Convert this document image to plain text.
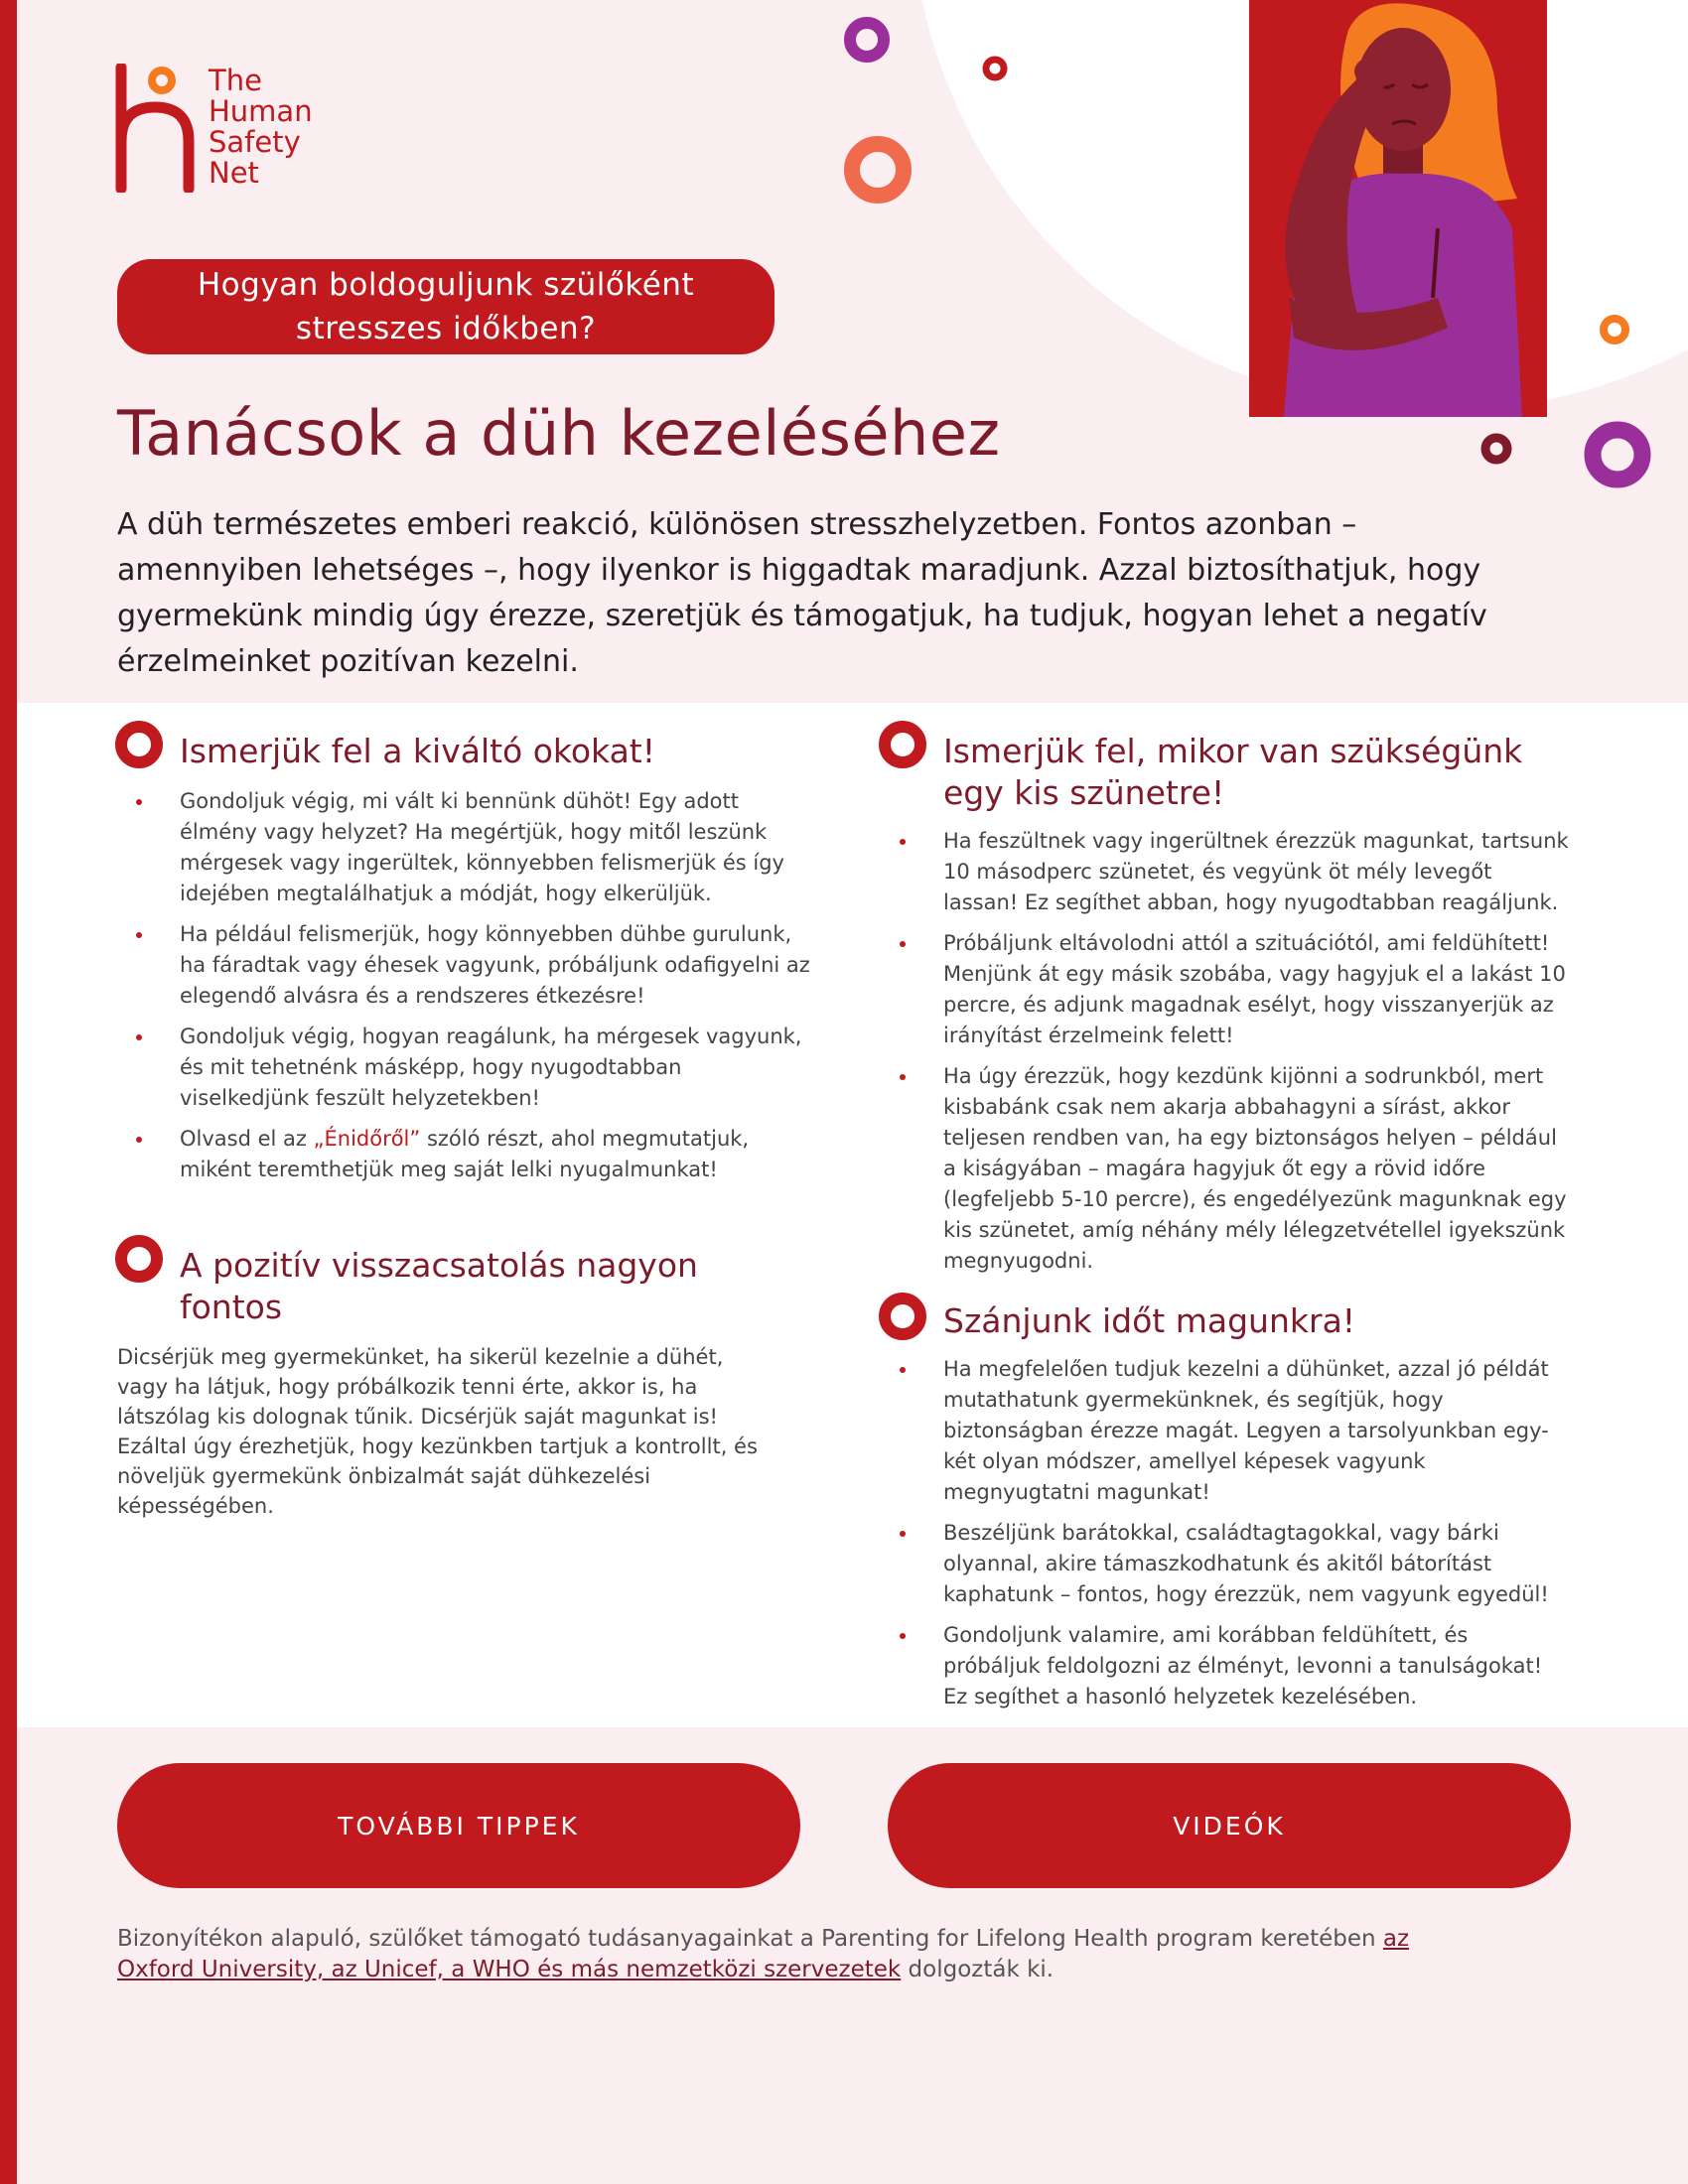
The
Human
Safety
Net
Hogyan boldoguljunk szülőként
stresszes időkben?
Tanácsok a düh kezeléséhez

A düh természetes emberi reakció, különösen stresszhelyzetben. Fontos azonban – amennyiben lehetséges –, hogy ilyenkor is higgadtak maradjunk. Azzal biztosíthatjuk, hogy gyermekünk mindig úgy érezze, szeretjük és támogatjuk, ha tudjuk, hogyan lehet a negatív érzelmeinket pozitívan kezelni.

Ismerjük fel a kiváltó okokat!
Gondoljuk végig, mi vált ki bennünk dühöt! Egy adott élmény vagy helyzet? Ha megértjük, hogy mitől leszünk mérgesek vagy ingerültek, könnyebben felismerjük és így idejében megtalálhatjuk a módját, hogy elkerüljük.
Ha például felismerjük, hogy könnyebben dühbe gurulunk, ha fáradtak vagy éhesek vagyunk, próbáljunk odafigyelni az elegendő alvásra és a rendszeres étkezésre!
Gondoljuk végig, hogyan reagálunk, ha mérgesek vagyunk, és mit tehetnénk másképp, hogy nyugodtabban viselkedjünk feszült helyzetekben!
Olvasd el az „Énidőről” szóló részt, ahol megmutatjuk, miként teremthetjük meg saját lelki nyugalmunkat!
A pozitív visszacsatolás nagyon fontos

Dicsérjük meg gyermekünket, ha sikerül kezelnie a dühét, vagy ha látjuk, hogy próbálkozik tenni érte, akkor is, ha látszólag kis dolognak tűnik. Dicsérjük saját magunkat is! Ezáltal úgy érezhetjük, hogy kezünkben tartjuk a kontrollt, és növeljük gyermekünk önbizalmát saját dühkezelési képességében.

Ismerjük fel, mikor van szükségünk egy kis szünetre!
Ha feszültnek vagy ingerültnek érezzük magunkat, tartsunk 10 másodperc szünetet, és vegyünk öt mély levegőt lassan! Ez segíthet abban, hogy nyugodtabban reagáljunk.
Próbáljunk eltávolodni attól a szituációtól, ami feldühített! Menjünk át egy másik szobába, vagy hagyjuk el a lakást 10 percre, és adjunk magadnak esélyt, hogy visszanyerjük az irányítást érzelmeink felett!
Ha úgy érezzük, hogy kezdünk kijönni a sodrunkból, mert kisbabánk csak nem akarja abbahagyni a sírást, akkor teljesen rendben van, ha egy biztonságos helyen – például a kiságyában – magára hagyjuk őt egy a rövid időre (legfeljebb 5-10 percre), és engedélyezünk magunknak egy kis szünetet, amíg néhány mély lélegzetvétellel igyekszünk megnyugodni.
Szánjunk időt magunkra!
Ha megfelelően tudjuk kezelni a dühünket, azzal jó példát mutathatunk gyermekünknek, és segítjük, hogy biztonságban érezze magát. Legyen a tarsolyunkban egy-két olyan módszer, amellyel képesek vagyunk megnyugtatni magunkat!
Beszéljünk barátokkal, családtagtagokkal, vagy bárki olyannal, akire támaszkodhatunk és akitől bátorítást kaphatunk – fontos, hogy érezzük, nem vagyunk egyedül!
Gondoljunk valamire, ami korábban feldühített, és próbáljuk feldolgozni az élményt, levonni a tanulságokat! Ez segíthet a hasonló helyzetek kezelésében.
TOVÁBBI TIPPEK	VIDEÓK

Bizonyítékon alapuló, szülőket támogató tudásanyagainkat a Parenting for Lifelong Health program keretében az Oxford University, az Unicef, a WHO és más nemzetközi szervezetek dolgozták ki.
